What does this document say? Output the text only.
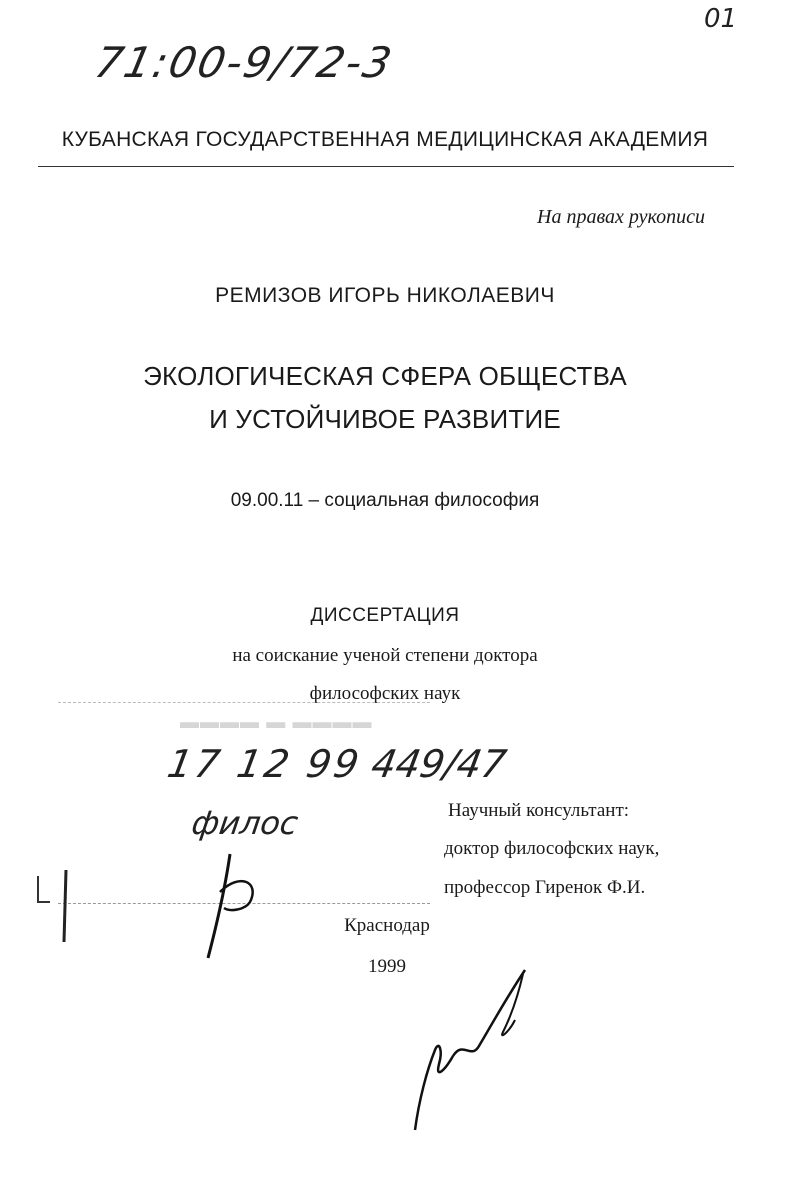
71:00-9/72-3
01
КУБАНСКАЯ ГОСУДАРСТВЕННАЯ МЕДИЦИНСКАЯ АКАДЕМИЯ
На правах рукописи
РЕМИЗОВ ИГОРЬ НИКОЛАЕВИЧ
ЭКОЛОГИЧЕСКАЯ СФЕРА ОБЩЕСТВА
И УСТОЙЧИВОЕ РАЗВИТИЕ
09.00.11 – социальная философия
ДИССЕРТАЦИЯ
на соискание ученой степени доктора
философских наук
▬▬▬▬ ▬ ▬▬▬▬
17 12 99 449/47
филос	Научный консультант:
доктор философских наук,
профессор Гиренок Ф.И.
Краснодар
1999
